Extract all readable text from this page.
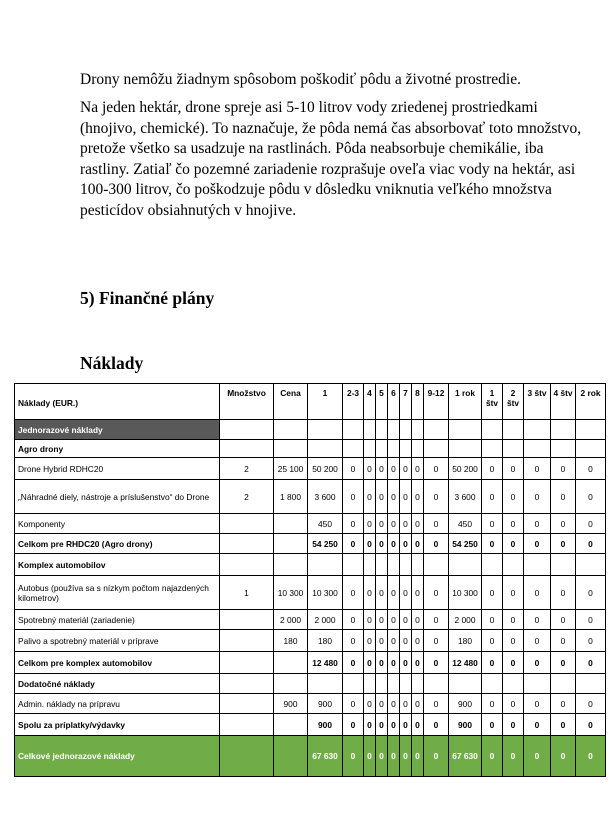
Drony nemôžu žiadnym spôsobom poškodiť pôdu a životné prostredie.

Na jeden hektár, drone spreje asi 5-10 litrov vody zriedenej prostriedkami (hnojivo, chemické). To naznačuje, že pôda nemá čas absorbovať toto množstvo, pretože všetko sa usadzuje na rastlinách. Pôda neabsorbuje chemikálie, iba rastliny. Zatiaľ čo pozemné zariadenie rozprašuje oveľa viac vody na hektár, asi 100-300 litrov, čo poškodzuje pôdu v dôsledku vniknutia veľkého množstva pesticídov obsiahnutých v hnojive.

5) Finančné plány
Náklady
Náklady (EUR.)	Množstvo	Cena	1	2-3	4	5	6	7	8	9-12	1 rok	1 štv	2 štv	3 štv	4 štv	2 rok
Jednorazové náklady																
Agro drony																
Drone Hybrid RDHC20	2	25 100	50 200	0	0	0	0	0	0	0	50 200	0	0	0	0	0
„Náhradné diely, nástroje a príslušenstvo“ do Drone	2	1 800	3 600	0	0	0	0	0	0	0	3 600	0	0	0	0	0
Komponenty			450	0	0	0	0	0	0	0	450	0	0	0	0	0
Celkom pre RHDC20 (Agro drony)			54 250	0	0	0	0	0	0	0	54 250	0	0	0	0	0
Komplex automobilov																
Autobus (používa sa s nízkym počtom najazdených kilometrov)	1	10 300	10 300	0	0	0	0	0	0	0	10 300	0	0	0	0	0
Spotrebný materiál (zariadenie)		2 000	2 000	0	0	0	0	0	0	0	2 000	0	0	0	0	0
Palivo a spotrebný materiál v príprave		180	180	0	0	0	0	0	0	0	180	0	0	0	0	0
Celkom pre komplex automobilov			12 480	0	0	0	0	0	0	0	12 480	0	0	0	0	0
Dodatočné náklady																
Admin. náklady na prípravu		900	900	0	0	0	0	0	0	0	900	0	0	0	0	0
Spolu za príplatky/výdavky			900	0	0	0	0	0	0	0	900	0	0	0	0	0
Celkové jednorazové náklady			67 630	0	0	0	0	0	0	0	67 630	0	0	0	0	0
